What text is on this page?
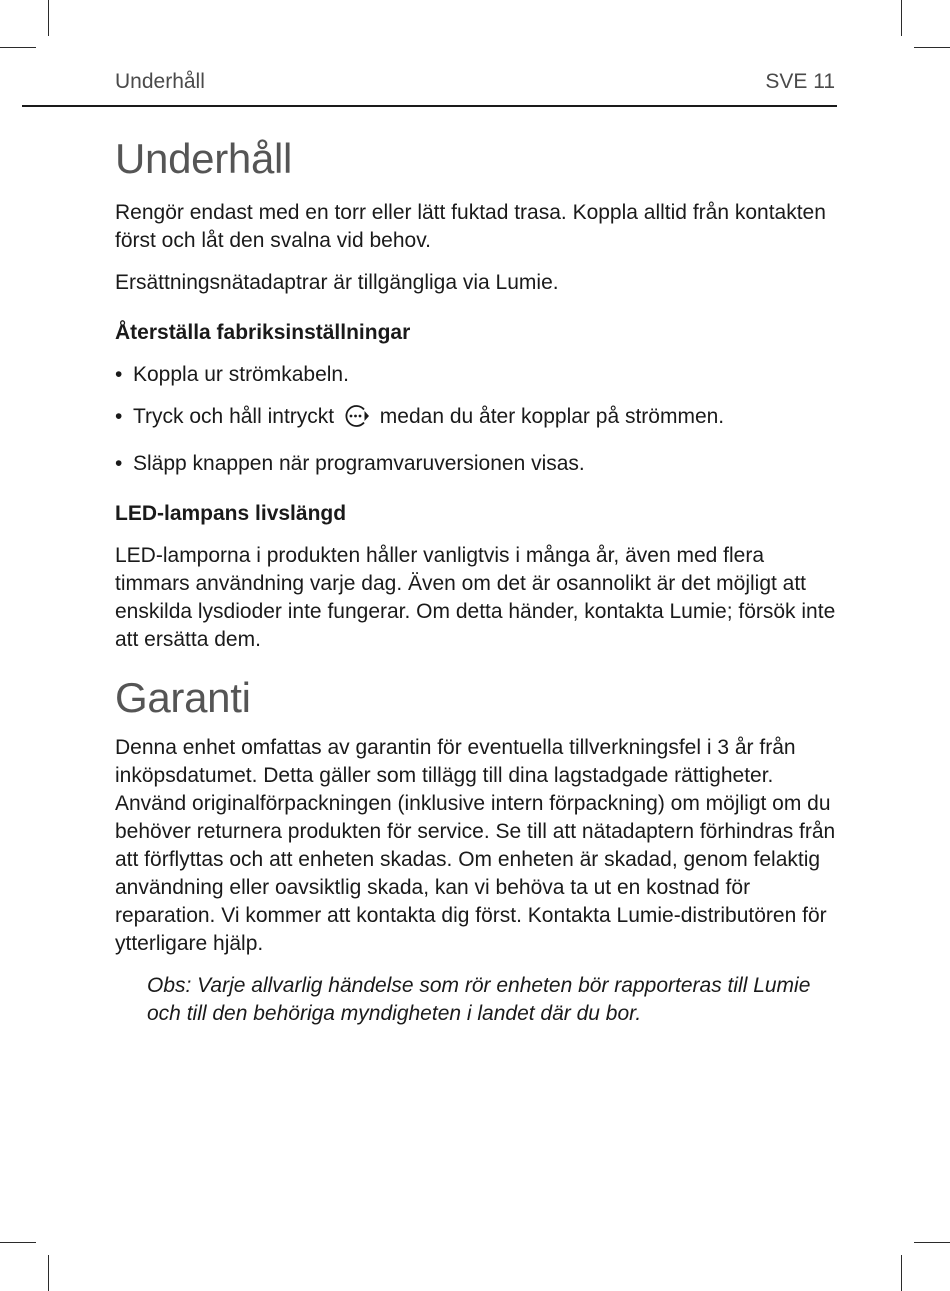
Underhåll	SVE 11
Underhåll

Rengör endast med en torr eller lätt fuktad trasa. Koppla alltid från kontakten först och låt den svalna vid behov.

Ersättningsnätadaptrar är tillgängliga via Lumie.

Återställa fabriksinställningar
• Koppla ur strömkabeln.
• Tryck och håll intryckt medan du åter kopplar på strömmen.
• Släpp knappen när programvaruversionen visas.
LED-lampans livslängd

LED-lamporna i produkten håller vanligtvis i många år, även med flera timmars användning varje dag. Även om det är osannolikt är det möjligt att enskilda lysdioder inte fungerar. Om detta händer, kontakta Lumie; försök inte att ersätta dem.

Garanti

Denna enhet omfattas av garantin för eventuella tillverkningsfel i 3 år från inköpsdatumet. Detta gäller som tillägg till dina lagstadgade rättigheter. Använd originalförpackningen (inklusive intern förpackning) om möjligt om du behöver returnera produkten för service. Se till att nätadaptern förhindras från att förflyttas och att enheten skadas. Om enheten är skadad, genom felaktig användning eller oavsiktlig skada, kan vi behöva ta ut en kostnad för reparation. Vi kommer att kontakta dig först. Kontakta Lumie-distributören för ytterligare hjälp.

Obs: Varje allvarlig händelse som rör enheten bör rapporteras till Lumie och till den behöriga myndigheten i landet där du bor.
